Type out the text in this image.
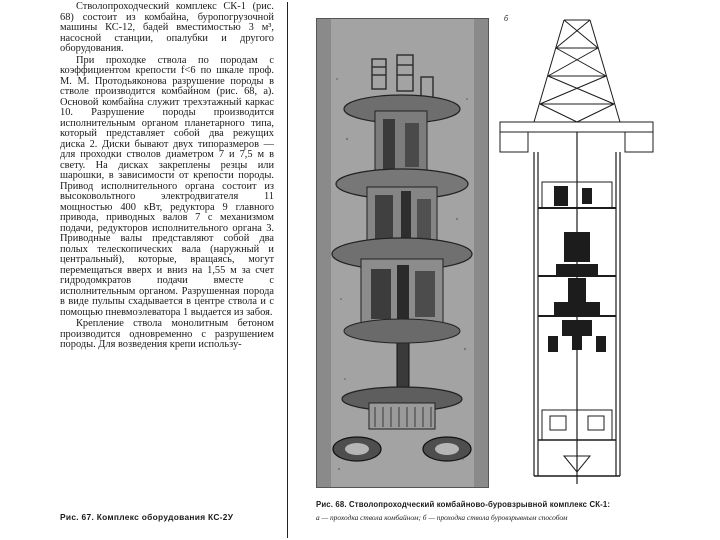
Стволопроходческий комплекс СК-1 (рис. 68) состоит из комбайна, буропогрузочной машины КС-12, бадей вместимостью 3 м³, насосной станции, опалубки и другого оборудования.

При проходке ствола по породам с коэффициентом крепости f<6 по шкале проф. М. М. Протодьяконова разрушение породы в стволе производится комбайном (рис. 68, а). Основой комбайна служит трехэтажный каркас 10. Разрушение породы производится исполнительным органом планетарного типа, который представляет собой два режущих диска 2. Диски бывают двух типоразмеров — для проходки стволов диаметром 7 и 7,5 м в свету. На дисках закреплены резцы или шарошки, в зависимости от крепости породы. Привод исполнительного органа состоит из высоковольтного электродвигателя 11 мощностью 400 кВт, редуктора 9 главного привода, приводных валов 7 с механизмом подачи, редукторов исполнительного органа 3. Приводные валы представляют собой два полых телескопических вала (наружный и центральный), которые, вращаясь, могут перемещаться вверх и вниз на 1,55 м за счет гидродомкратов подачи вместе с исполнительным органом. Разрушенная порода в виде пульпы схадывается в центре ствола и с помощью пневмоэлеватора 1 выдается из забоя.

Крепление ствола монолитным бетоном производится одновременно с разрушением породы. Для возведения крепи использу-

Рис. 67. Комплекс оборудования КС-2У
б
Рис. 68. Стволопроходческий комбайново-буровзрывной комплекс СК-1:
а — проходка ствола комбайном; б — проходка ствола буровзрывным способом
